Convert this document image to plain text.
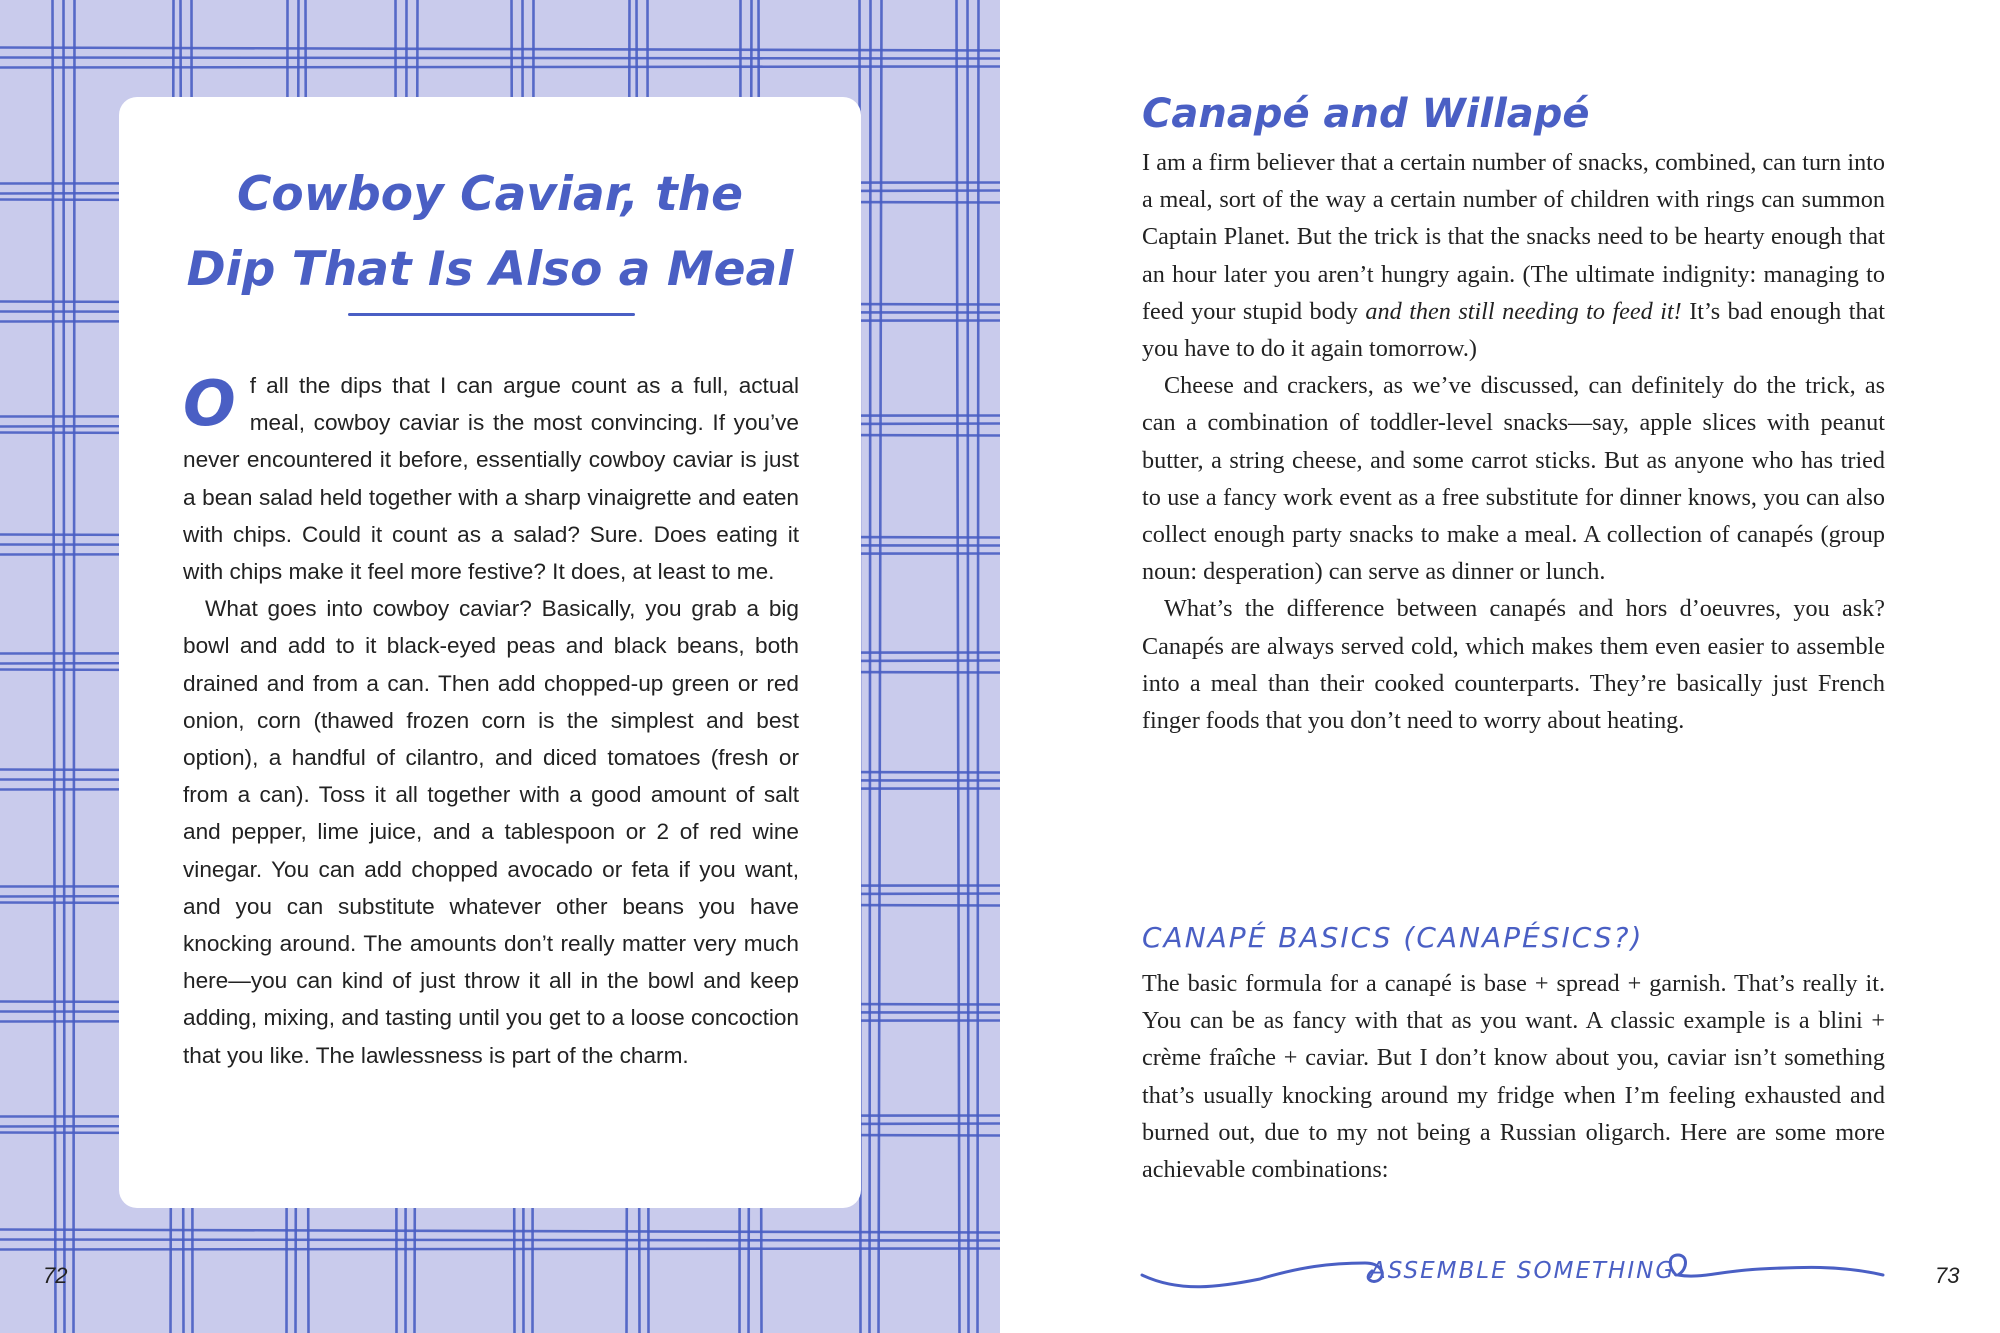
Cowboy Caviar, the
Dip That Is Also a Meal

Of all the dips that I can argue count as a full, actual meal, cowboy caviar is the most convincing. If you’ve never encountered it before, essentially cowboy caviar is just a bean salad held together with a sharp vinaigrette and eaten with chips. Could it count as a salad? Sure. Does eating it with chips make it feel more festive? It does, at least to me.

What goes into cowboy caviar? Basically, you grab a big bowl and add to it black-eyed peas and black beans, both drained and from a can. Then add chopped-up green or red onion, corn (thawed frozen corn is the simplest and best option), a handful of cilantro, and diced tomatoes (fresh or from a can). Toss it all together with a good amount of salt and pepper, lime juice, and a tablespoon or 2 of red wine vinegar. You can add chopped avocado or feta if you want, and you can substitute whatever other beans you have knocking around. The amounts don’t really matter very much here—you can kind of just throw it all in the bowl and keep adding, mixing, and tasting until you get to a loose concoction that you like. The lawlessness is part of the charm.

72
Canapé and Willapé

I am a firm believer that a certain number of snacks, combined, can turn into a meal, sort of the way a certain number of children with rings can summon Captain Planet. But the trick is that the snacks need to be hearty enough that an hour later you aren’t hungry again. (The ultimate indignity: managing to feed your stupid body and then still needing to feed it! It’s bad enough that you have to do it again tomorrow.)

Cheese and crackers, as we’ve discussed, can definitely do the trick, as can a combination of toddler-level snacks—say, apple slices with peanut butter, a string cheese, and some carrot sticks. But as anyone who has tried to use a fancy work event as a free substitute for dinner knows, you can also collect enough party snacks to make a meal. A collection of canapés (group noun: desperation) can serve as dinner or lunch.

What’s the difference between canapés and hors d’oeuvres, you ask? Canapés are always served cold, which makes them even easier to assemble into a meal than their cooked counterparts. They’re basically just French finger foods that you don’t need to worry about heating.

CANAPÉ BASICS (CANAPÉSICS?)

The basic formula for a canapé is base + spread + garnish. That’s really it. You can be as fancy with that as you want. A classic example is a blini + crème fraîche + caviar. But I don’t know about you, caviar isn’t something that’s usually knocking around my fridge when I’m feeling exhausted and burned out, due to my not being a Russian oligarch. Here are some more achievable combinations:

ASSEMBLE SOMETHING	73
